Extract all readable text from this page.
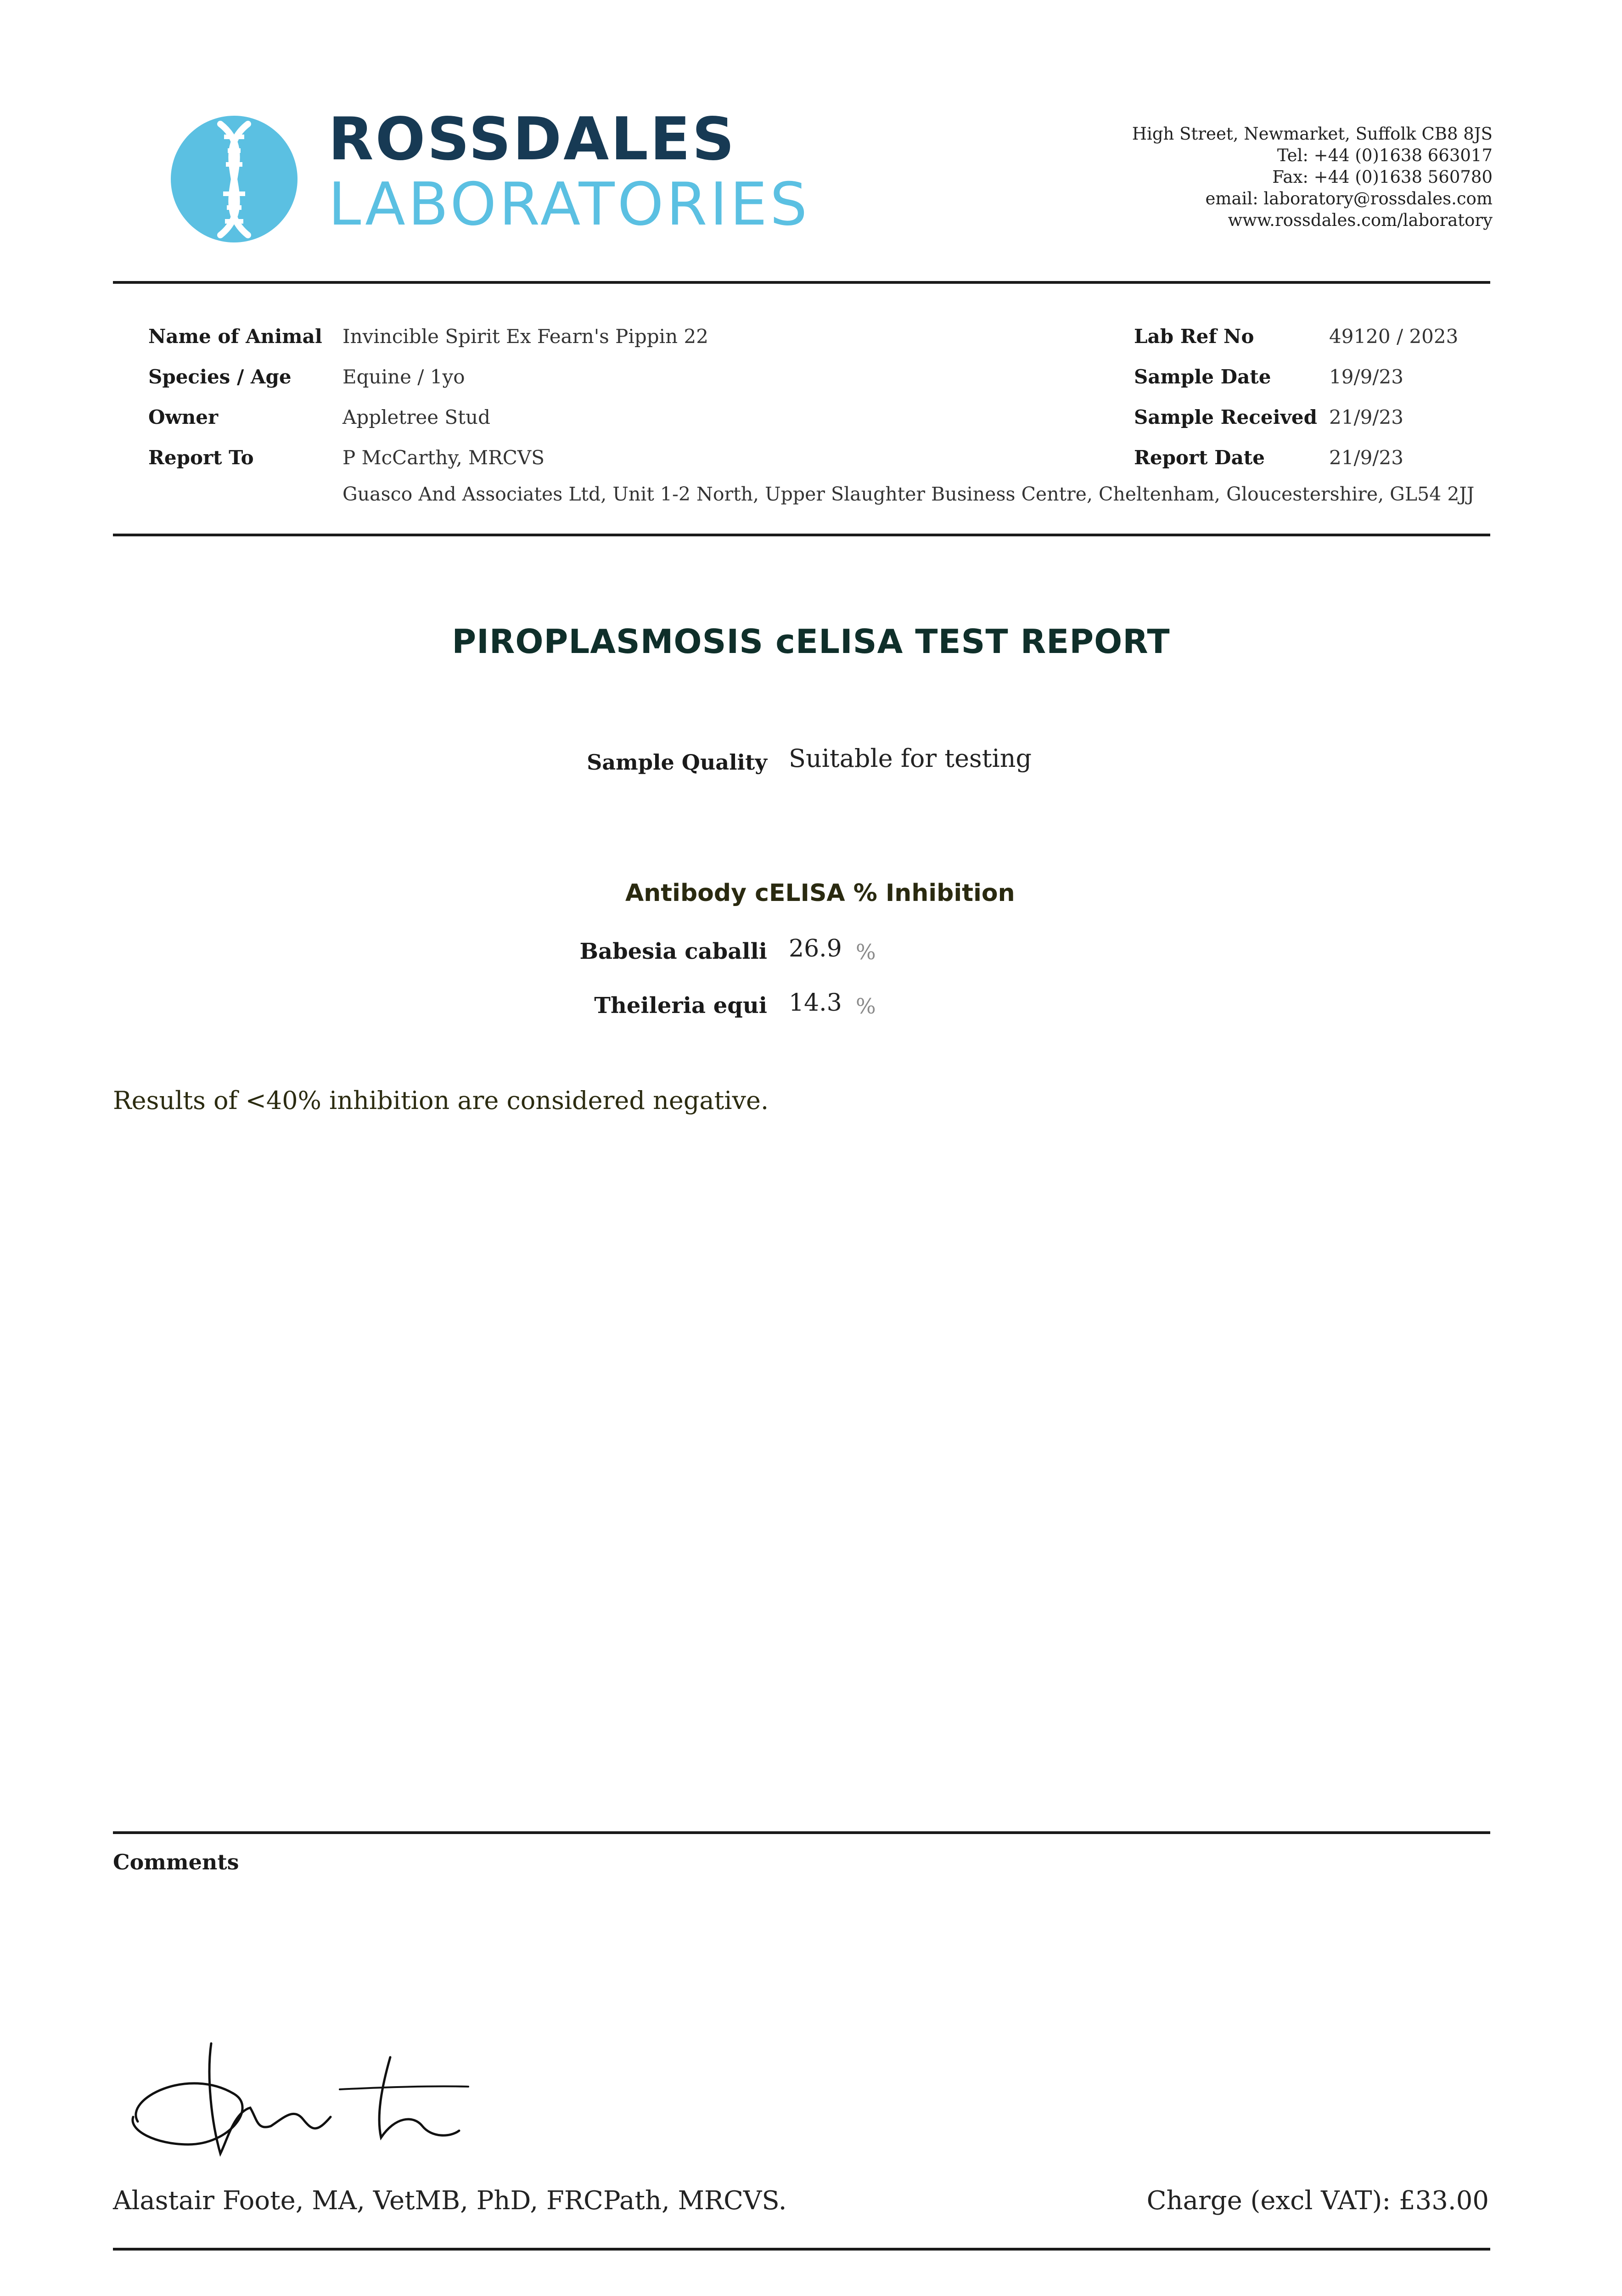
ROSSDALES
LABORATORIES
High Street, Newmarket, Suffolk CB8 8JS
Tel: +44 (0)1638 663017
Fax: +44 (0)1638 560780
email: laboratory@rossdales.com
www.rossdales.com/laboratory
Name of Animal Invincible Spirit Ex Fearn's Pippin 22
Species / Age	Equine / 1yo
Owner	Appletree Stud
Report To	P McCarthy, MRCVS
Guasco And Associates Ltd, Unit 1-2 North, Upper Slaughter Business Centre, Cheltenham, Gloucestershire, GL54 2JJ
Lab Ref No	49120 / 2023
Sample Date	19/9/23
Sample Received 21/9/23
Report Date	21/9/23
PIROPLASMOSIS cELISA TEST REPORT
Sample Quality Suitable for testing
Antibody cELISA % Inhibition
Babesia caballi 26.9 %
Theileria equi 14.3 %
Results of <40% inhibition are considered negative.
Comments
Alastair Foote, MA, VetMB, PhD, FRCPath, MRCVS.	Charge (excl VAT): £33.00
